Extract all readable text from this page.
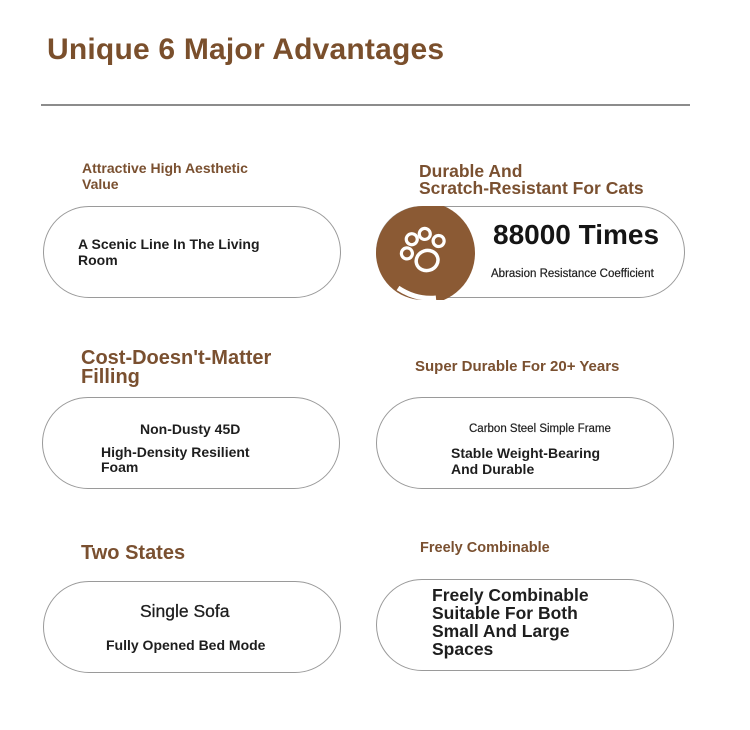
Unique 6 Major Advantages
Attractive High Aesthetic Value
A Scenic Line In The Living Room
Durable And
Scratch-Resistant For Cats
88000 Times
Abrasion Resistance Coefficient
Cost-Doesn't-Matter
Filling
Non-Dusty 45D
High-Density Resilient Foam
Super Durable For 20+ Years
Carbon Steel Simple Frame
Stable Weight-Bearing And Durable
Two States
Single Sofa
Fully Opened Bed Mode
Freely Combinable
Freely Combinable
Suitable For Both
Small And Large
Spaces
